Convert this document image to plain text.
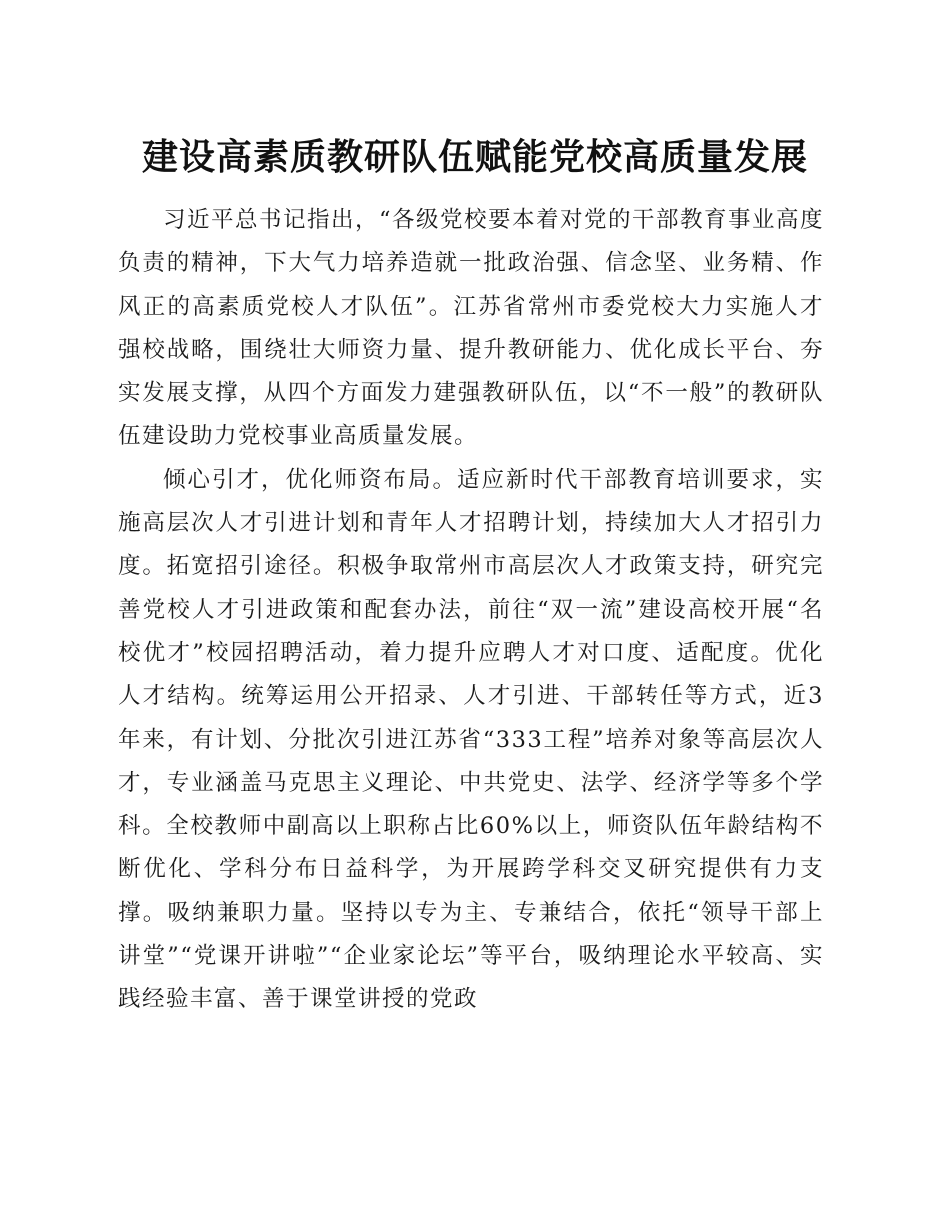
建设高素质教研队伍赋能党校高质量发展

习近平总书记指出，“各级党校要本着对党的干部教育事业高度负责的精神，下大气力培养造就一批政治强、信念坚、业务精、作风正的高素质党校人才队伍”。江苏省常州市委党校大力实施人才强校战略，围绕壮大师资力量、提升教研能力、优化成长平台、夯实发展支撑，从四个方面发力建强教研队伍，以“不一般”的教研队伍建设助力党校事业高质量发展。

倾心引才，优化师资布局。适应新时代干部教育培训要求，实施高层次人才引进计划和青年人才招聘计划，持续加大人才招引力度。拓宽招引途径。积极争取常州市高层次人才政策支持，研究完善党校人才引进政策和配套办法，前往“双一流”建设高校开展“名校优才”校园招聘活动，着力提升应聘人才对口度、适配度。优化人才结构。统筹运用公开招录、人才引进、干部转任等方式，近3年来，有计划、分批次引进江苏省“333工程”培养对象等高层次人才，专业涵盖马克思主义理论、中共党史、法学、经济学等多个学科。全校教师中副高以上职称占比60%以上，师资队伍年龄结构不断优化、学科分布日益科学，为开展跨学科交叉研究提供有力支撑。吸纳兼职力量。坚持以专为主、专兼结合，依托“领导干部上讲堂”“党课开讲啦”“企业家论坛”等平台，吸纳理论水平较高、实践经验丰富、善于课堂讲授的党政
